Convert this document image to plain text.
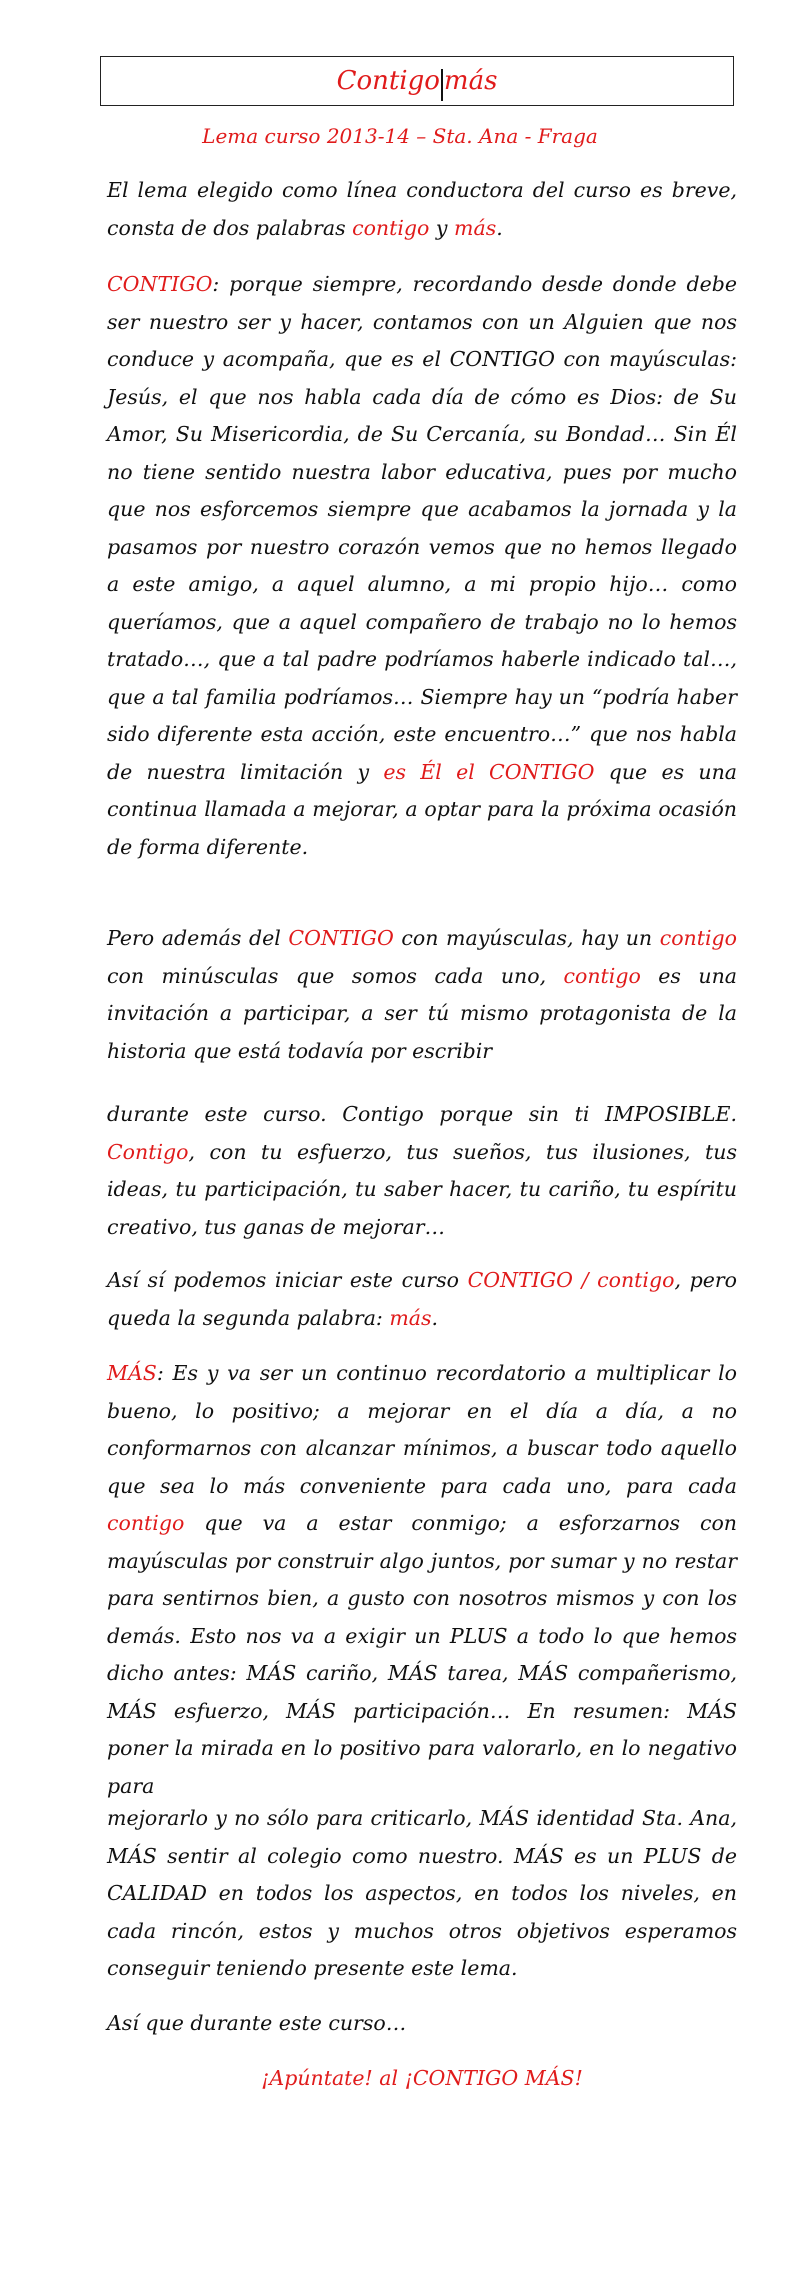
Contigo más
Lema curso 2013-14 – Sta. Ana - Fraga

El lema elegido como línea conductora del curso es breve, consta de dos palabras contigo y más.

CONTIGO: porque siempre, recordando desde donde debe ser nuestro ser y hacer, contamos con un Alguien que nos conduce y acompaña, que es el CONTIGO con mayúsculas: Jesús, el que nos habla cada día de cómo es Dios: de Su Amor, Su Misericordia, de Su Cercanía, su Bondad… Sin Él no tiene sentido nuestra labor educativa, pues por mucho que nos esforcemos siempre que acabamos la jornada y la pasamos por nuestro corazón vemos que no hemos llegado a este amigo, a aquel alumno, a mi propio hijo… como queríamos, que a aquel compañero de trabajo no lo hemos tratado…, que a tal padre podríamos haberle indicado tal…, que a tal familia podríamos… Siempre hay un “podría haber sido diferente esta acción, este encuentro…” que nos habla de nuestra limitación y es Él el CONTIGO que es una continua llamada a mejorar, a optar para la próxima ocasión de forma diferente.

Pero además del CONTIGO con mayúsculas, hay un contigo con minúsculas que somos cada uno, contigo es una invitación a participar, a ser tú mismo protagonista de la historia que está todavía por escribir

durante este curso. Contigo porque sin ti IMPOSIBLE. Contigo, con tu esfuerzo, tus sueños, tus ilusiones, tus ideas, tu participación, tu saber hacer, tu cariño, tu espíritu creativo, tus ganas de mejorar…

Así sí podemos iniciar este curso CONTIGO / contigo, pero queda la segunda palabra: más.

MÁS: Es y va ser un continuo recordatorio a multiplicar lo bueno, lo positivo; a mejorar en el día a día, a no conformarnos con alcanzar mínimos, a buscar todo aquello que sea lo más conveniente para cada uno, para cada contigo que va a estar conmigo; a esforzarnos con mayúsculas por construir algo juntos, por sumar y no restar para sentirnos bien, a gusto con nosotros mismos y con los demás. Esto nos va a exigir un PLUS a todo lo que hemos dicho antes: MÁS cariño, MÁS tarea, MÁS compañerismo, MÁS esfuerzo, MÁS participación… En resumen: MÁS poner la mirada en lo positivo para valorarlo, en lo negativo para

mejorarlo y no sólo para criticarlo, MÁS identidad Sta. Ana, MÁS sentir al colegio como nuestro. MÁS es un PLUS de CALIDAD en todos los aspectos, en todos los niveles, en cada rincón, estos y muchos otros objetivos esperamos conseguir teniendo presente este lema.

Así que durante este curso…

¡Apúntate! al ¡CONTIGO MÁS!
